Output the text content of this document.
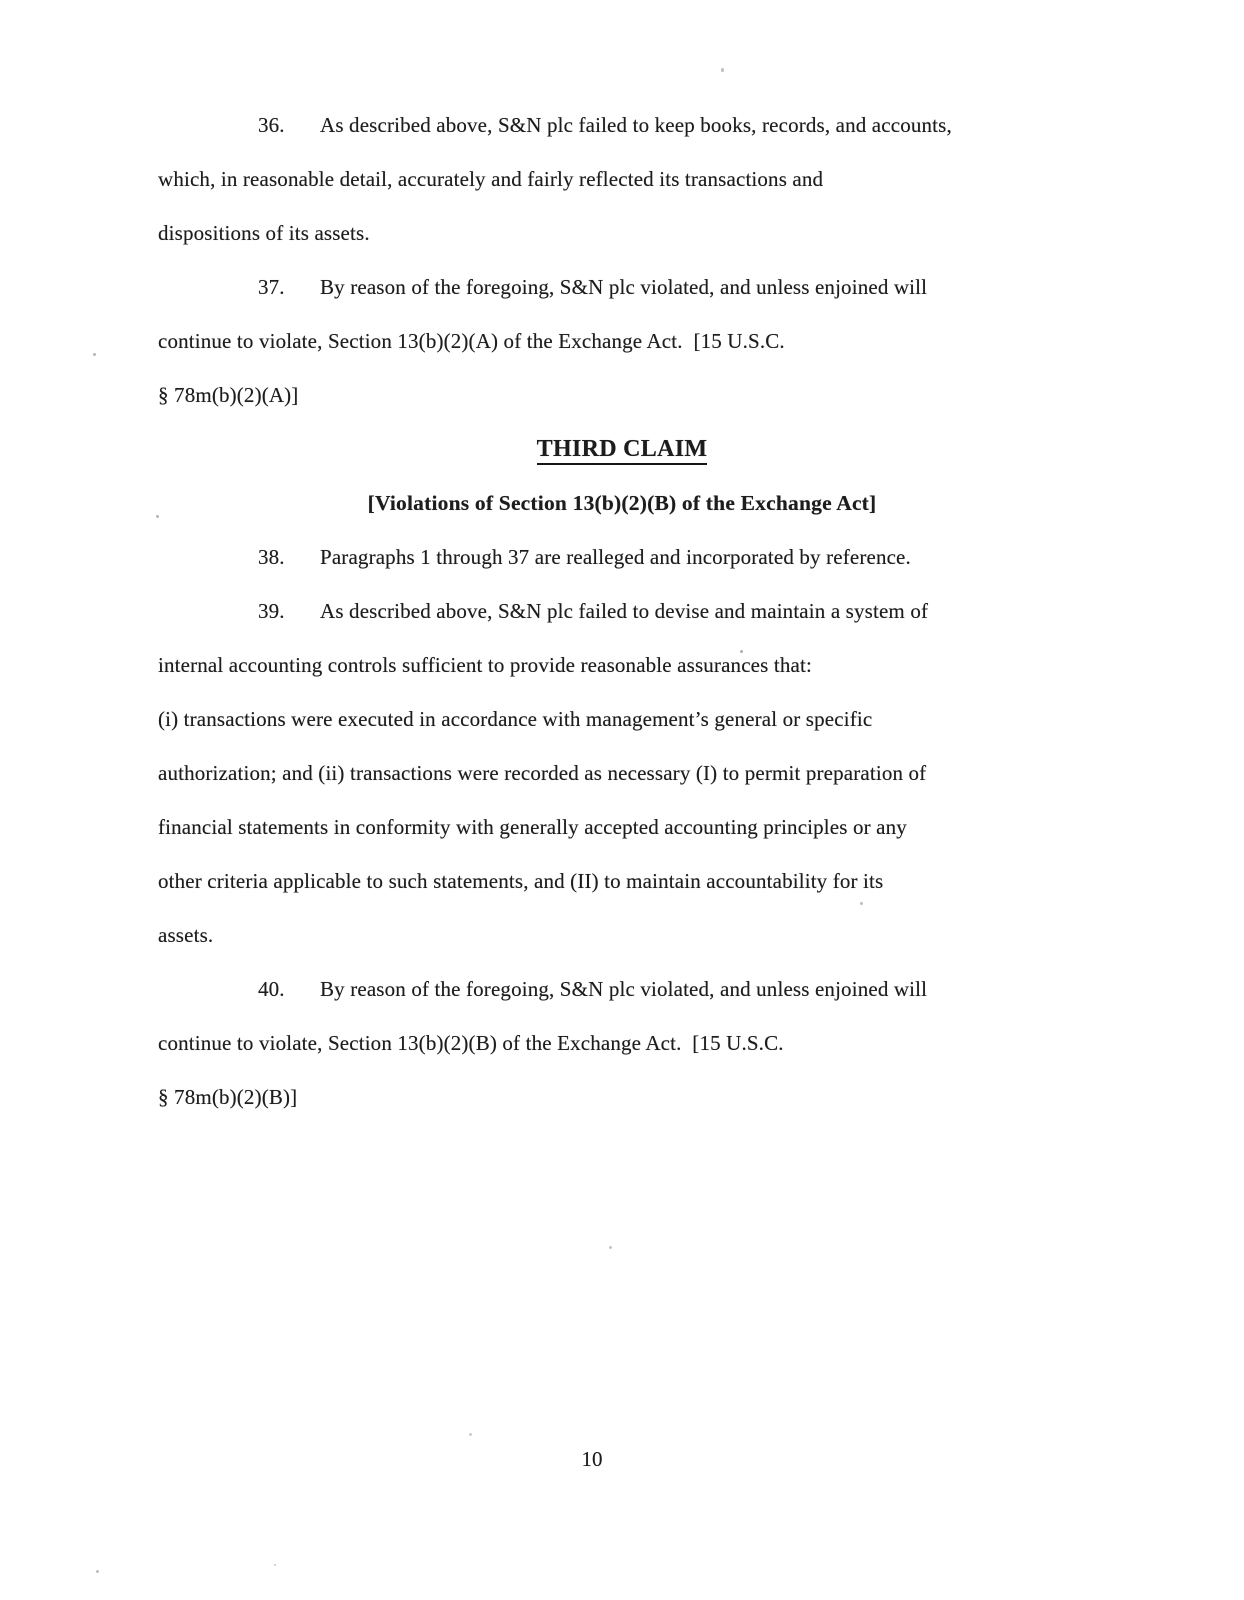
36. As described above, S&N plc failed to keep books, records, and accounts,
which, in reasonable detail, accurately and fairly reflected its transactions and
dispositions of its assets.
37. By reason of the foregoing, S&N plc violated, and unless enjoined will
continue to violate, Section 13(b)(2)(A) of the Exchange Act.  [15 U.S.C.
§ 78m(b)(2)(A)]
THIRD CLAIM
[Violations of Section 13(b)(2)(B) of the Exchange Act]
38. Paragraphs 1 through 37 are realleged and incorporated by reference.
39. As described above, S&N plc failed to devise and maintain a system of
internal accounting controls sufficient to provide reasonable assurances that:
(i) transactions were executed in accordance with management’s general or specific
authorization; and (ii) transactions were recorded as necessary (I) to permit preparation of
financial statements in conformity with generally accepted accounting principles or any
other criteria applicable to such statements, and (II) to maintain accountability for its
assets.
40. By reason of the foregoing, S&N plc violated, and unless enjoined will
continue to violate, Section 13(b)(2)(B) of the Exchange Act.  [15 U.S.C.
§ 78m(b)(2)(B)]
10
